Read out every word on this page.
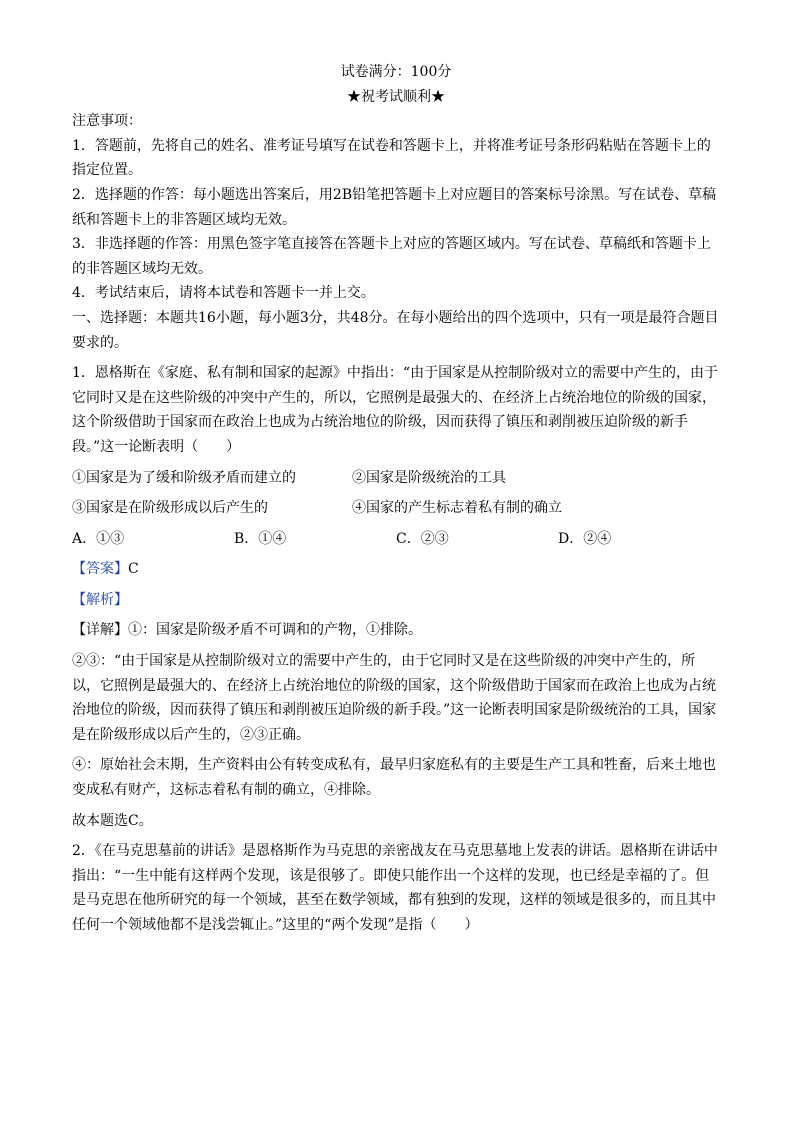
试卷满分：100分
★祝考试顺利★
注意事项：
1．答题前，先将自己的姓名、准考证号填写在试卷和答题卡上，并将准考证号条形码粘贴在答题卡上的指定位置。
2．选择题的作答：每小题选出答案后，用2B铅笔把答题卡上对应题目的答案标号涂黑。写在试卷、草稿纸和答题卡上的非答题区域均无效。
3．非选择题的作答：用黑色签字笔直接答在答题卡上对应的答题区域内。写在试卷、草稿纸和答题卡上的非答题区域均无效。
4．考试结束后，请将本试卷和答题卡一并上交。
一、选择题：本题共16小题，每小题3分，共48分。在每小题给出的四个选项中，只有一项是最符合题目要求的。
1．恩格斯在《家庭、私有制和国家的起源》中指出：“由于国家是从控制阶级对立的需要中产生的，由于它同时又是在这些阶级的冲突中产生的，所以，它照例是最强大的、在经济上占统治地位的阶级的国家，这个阶级借助于国家而在政治上也成为占统治地位的阶级，因而获得了镇压和剥削被压迫阶级的新手段。”这一论断表明（　　）
①国家是为了缓和阶级矛盾而建立的	②国家是阶级统治的工具
③国家是在阶级形成以后产生的	④国家的产生标志着私有制的确立
A．①③	B．①④	C．②③	D．②④
【答案】C
【解析】
【详解】①：国家是阶级矛盾不可调和的产物，①排除。
②③：“由于国家是从控制阶级对立的需要中产生的，由于它同时又是在这些阶级的冲突中产生的，所以，它照例是最强大的、在经济上占统治地位的阶级的国家，这个阶级借助于国家而在政治上也成为占统治地位的阶级，因而获得了镇压和剥削被压迫阶级的新手段。”这一论断表明国家是阶级统治的工具，国家是在阶级形成以后产生的，②③正确。
④：原始社会末期，生产资料由公有转变成私有，最早归家庭私有的主要是生产工具和牲畜，后来土地也变成私有财产，这标志着私有制的确立，④排除。
故本题选C。
2．《在马克思墓前的讲话》是恩格斯作为马克思的亲密战友在马克思墓地上发表的讲话。恩格斯在讲话中指出：“一生中能有这样两个发现，该是很够了。即使只能作出一个这样的发现，也已经是幸福的了。但是马克思在他所研究的每一个领域，甚至在数学领域，都有独到的发现，这样的领域是很多的，而且其中任何一个领域他都不是浅尝辄止。”这里的“两个发现”是指（　　）
